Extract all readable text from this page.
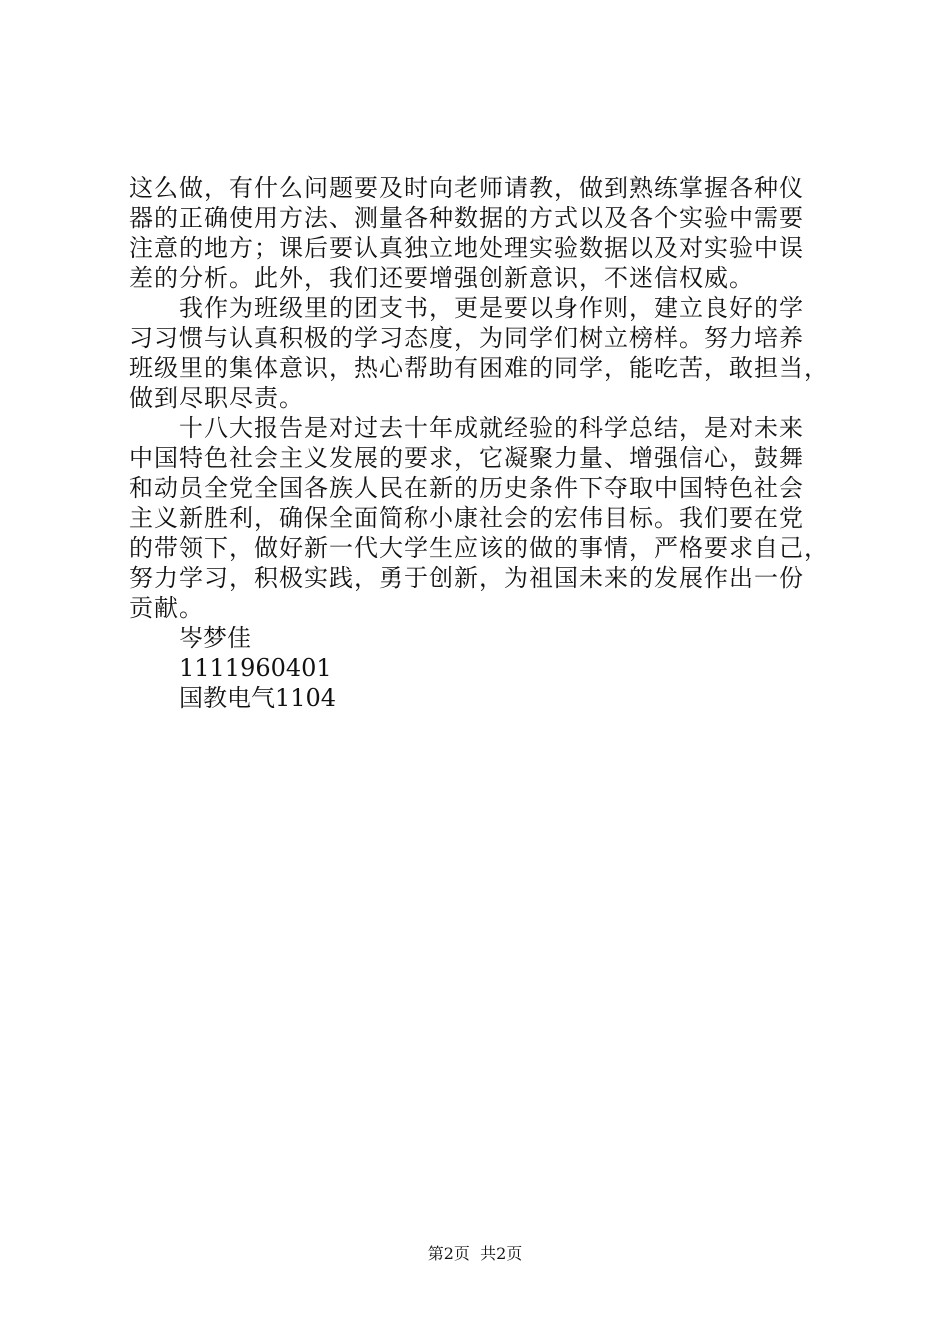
这么做，有什么问题要及时向老师请教，做到熟练掌握各种仪
器的正确使用方法、测量各种数据的方式以及各个实验中需要
注意的地方；课后要认真独立地处理实验数据以及对实验中误
差的分析。此外，我们还要增强创新意识，不迷信权威。
我作为班级里的团支书，更是要以身作则，建立良好的学
习习惯与认真积极的学习态度，为同学们树立榜样。努力培养
班级里的集体意识，热心帮助有困难的同学，能吃苦，敢担当，
做到尽职尽责。
十八大报告是对过去十年成就经验的科学总结，是对未来
中国特色社会主义发展的要求，它凝聚力量、增强信心，鼓舞
和动员全党全国各族人民在新的历史条件下夺取中国特色社会
主义新胜利，确保全面简称小康社会的宏伟目标。我们要在党
的带领下，做好新一代大学生应该的做的事情，严格要求自己，
努力学习，积极实践，勇于创新，为祖国未来的发展作出一份
贡献。
岑梦佳
1111960401
国教电气1104
第2页  共2页
